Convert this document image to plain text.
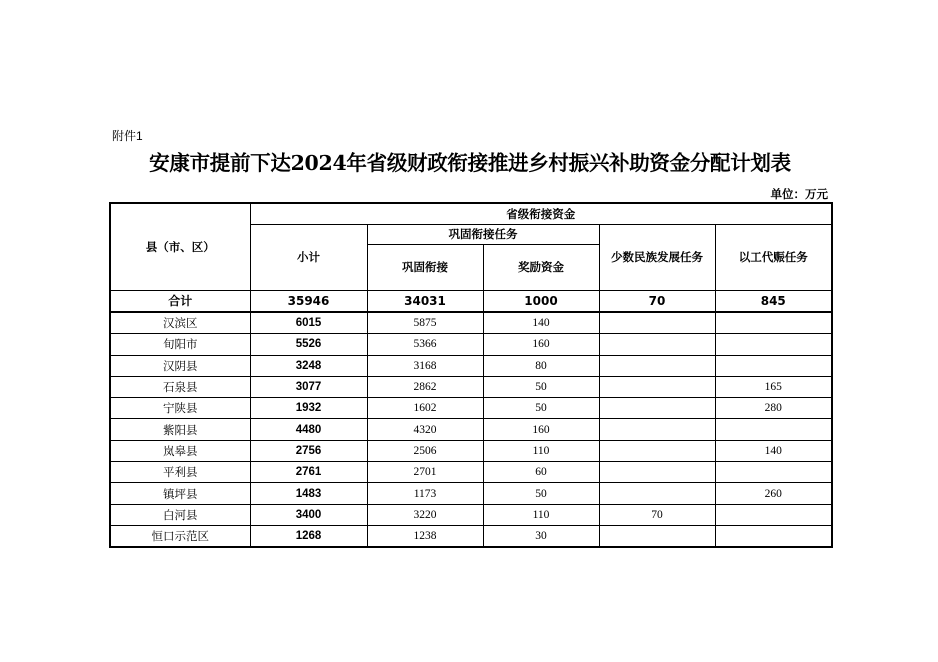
附件1
安康市提前下达2024年省级财政衔接推进乡村振兴补助资金分配计划表
单位：万元
县（市、区）	省级衔接资金				
	小计	巩固衔接任务		少数民族发展任务	以工代赈任务
		巩固衔接	奖励资金		
合计	35946	34031	1000	70	845
汉滨区	6015	5875	140		
旬阳市	5526	5366	160		
汉阴县	3248	3168	80		
石泉县	3077	2862	50		165
宁陕县	1932	1602	50		280
紫阳县	4480	4320	160		
岚皋县	2756	2506	110		140
平利县	2761	2701	60		
镇坪县	1483	1173	50		260
白河县	3400	3220	110	70	
恒口示范区	1268	1238	30		
